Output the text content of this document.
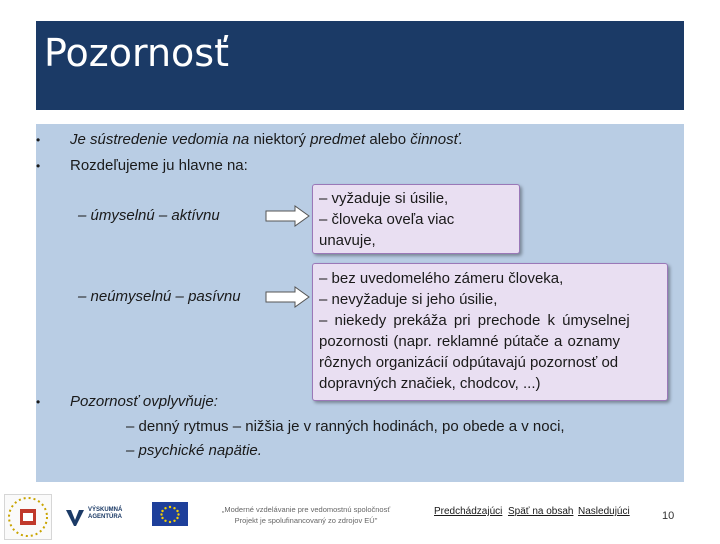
Pozornosť
• Je sústredenie vedomia na niektorý predmet alebo činnosť.
• Rozdeľujeme ju hlavne na:
– úmyselnú – aktívnu
– vyžaduje si úsilie,
– človeka oveľa viac
unavuje,
– neúmyselnú – pasívnu
– bez uvedomelého zámeru človeka,
– nevyžaduje si jeho úsilie,
– niekedy prekáža pri prechode k úmyselnej
pozornosti (napr. reklamné pútače a oznamy
rôznych organizácií odpútavajú pozornosť od
dopravných značiek, chodcov, ...)
• Pozornosť ovplyvňuje:
– denný rytmus – nižšia je v ranných hodinách, po obede a v noci,
– psychické napätie.
VÝSKUMNÁ AGENTÚRA
„Moderné vzdelávanie pre vedomostnú spoločnosť
Projekt je spolufinancovaný zo zdrojov EÚ"
Predchádzajúci Späť na obsah Nasledujúci	10
